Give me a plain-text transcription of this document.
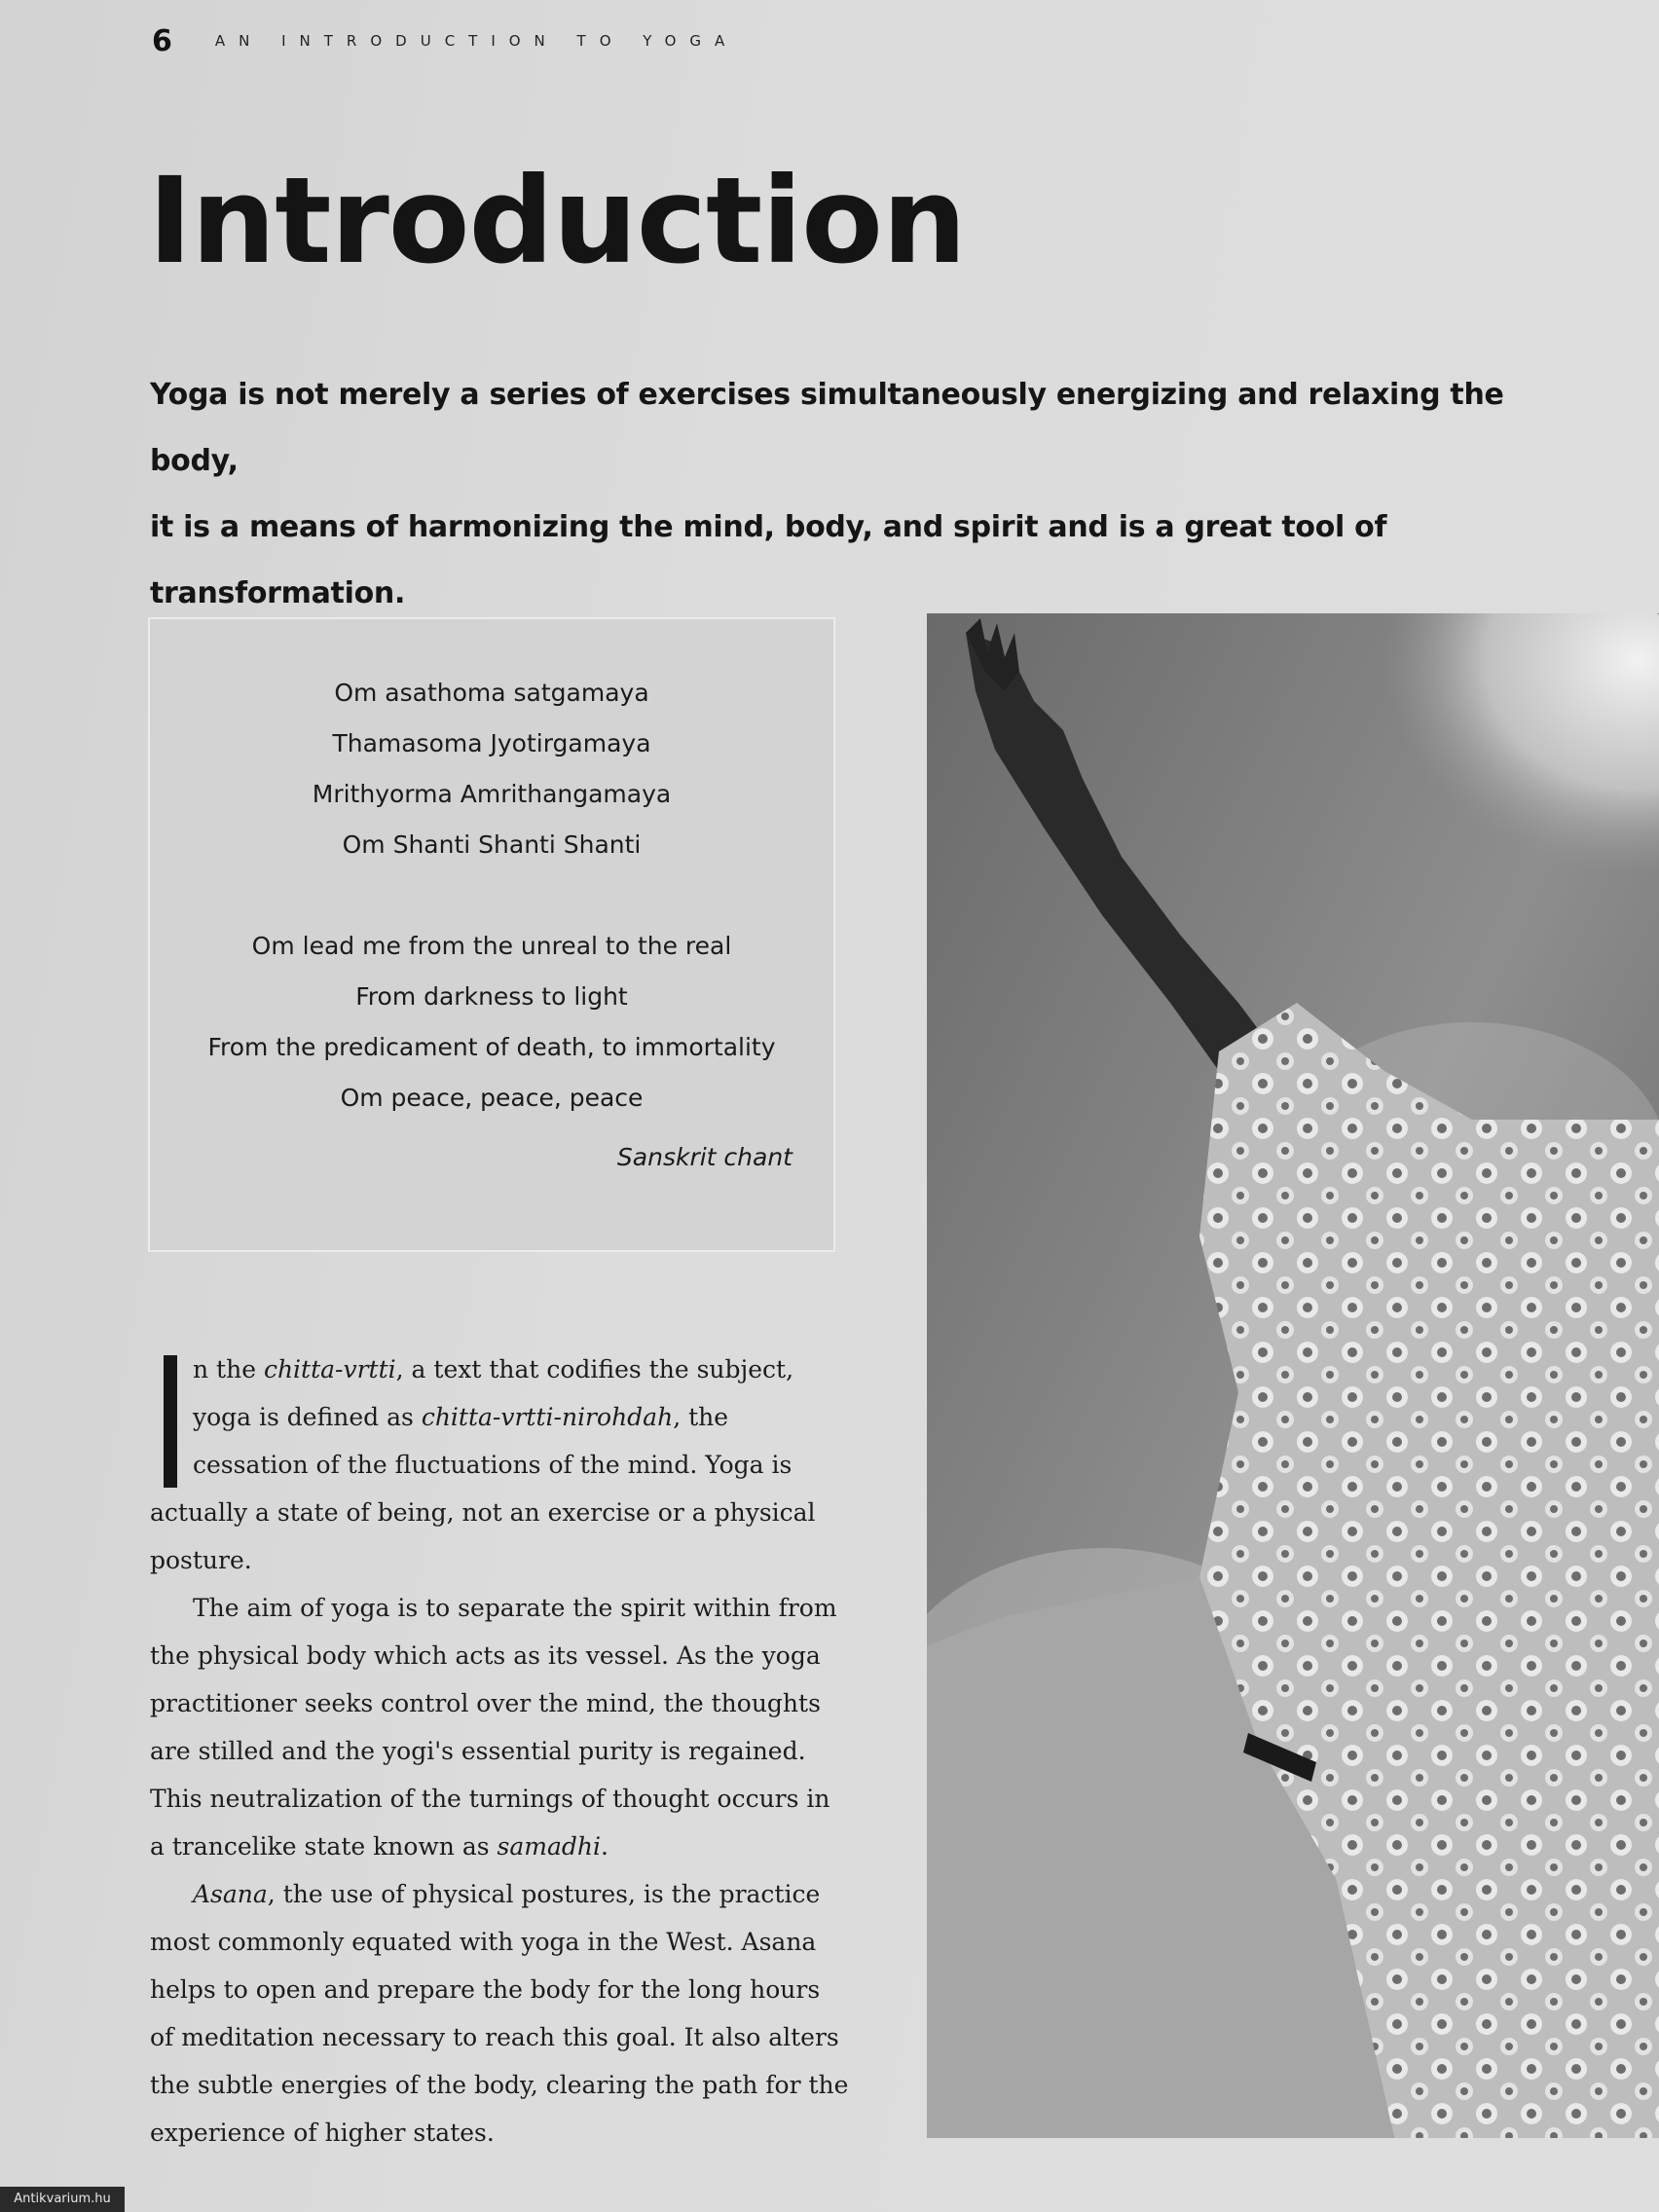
6	AN INTRODUCTION TO YOGA
Introduction
Yoga is not merely a series of exercises simultaneously energizing and relaxing the body,
it is a means of harmonizing the mind, body, and spirit and is a great tool of transformation.
Om asathoma satgamaya
Thamasoma Jyotirgamaya
Mrithyorma Amrithangamaya
Om Shanti Shanti Shanti
Om lead me from the unreal to the real
From darkness to light
From the predicament of death, to immortality
Om peace, peace, peace
Sanskrit chant

n the chitta-vrtti, a text that codifies the subject, yoga is defined as chitta-vrtti-nirohdah, the cessation of the fluctuations of the mind. Yoga is actually a state of being, not an exercise or a physical posture.

The aim of yoga is to separate the spirit within from the physical body which acts as its vessel. As the yoga practitioner seeks control over the mind, the thoughts are stilled and the yogi's essential purity is regained. This neutralization of the turnings of thought occurs in a trancelike state known as samadhi.

Asana, the use of physical postures, is the practice most commonly equated with yoga in the West. Asana helps to open and prepare the body for the long hours of meditation necessary to reach this goal. It also alters the subtle energies of the body, clearing the path for the experience of higher states.

Antikvarium.hu
